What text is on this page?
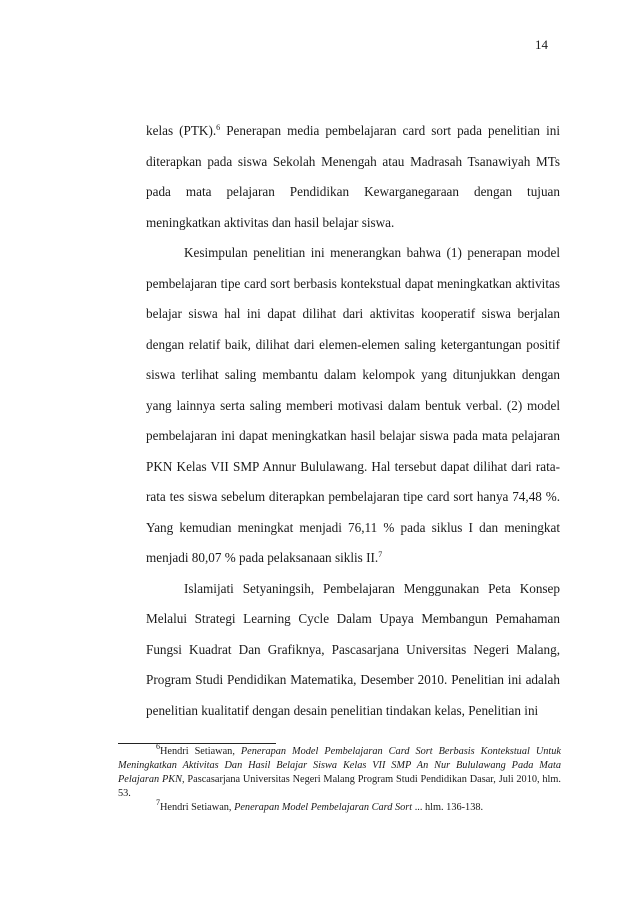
14

kelas (PTK).$^6$ Penerapan media pembelajaran card sort pada penelitian ini diterapkan pada siswa Sekolah Menengah atau Madrasah Tsanawiyah MTs pada mata pelajaran Pendidikan Kewarganegaraan dengan tujuan meningkatkan aktivitas dan hasil belajar siswa.

Kesimpulan penelitian ini menerangkan bahwa (1) penerapan model pembelajaran tipe card sort berbasis kontekstual dapat meningkatkan aktivitas belajar siswa hal ini dapat dilihat dari aktivitas kooperatif siswa berjalan dengan relatif baik, dilihat dari elemen-elemen saling ketergantungan positif siswa terlihat saling membantu dalam kelompok yang ditunjukkan dengan yang lainnya serta saling memberi motivasi dalam bentuk verbal. (2) model pembelajaran ini dapat meningkatkan hasil belajar siswa pada mata pelajaran PKN Kelas VII SMP Annur Bululawang. Hal tersebut dapat dilihat dari rata-rata tes siswa sebelum diterapkan pembelajaran tipe card sort hanya 74,48 %. Yang kemudian meningkat menjadi 76,11 % pada siklus I dan meningkat menjadi 80,07 % pada pelaksanaan siklis II.$^7$

Islamijati Setyaningsih, Pembelajaran Menggunakan Peta Konsep Melalui Strategi Learning Cycle Dalam Upaya Membangun Pemahaman Fungsi Kuadrat Dan Grafiknya, Pascasarjana Universitas Negeri Malang, Program Studi Pendidikan Matematika, Desember 2010. Penelitian ini adalah penelitian kualitatif dengan desain penelitian tindakan kelas, Penelitian ini

$^6$Hendri Setiawan, Penerapan Model Pembelajaran Card Sort Berbasis Kontekstual Untuk Meningkatkan Aktivitas Dan Hasil Belajar Siswa Kelas VII SMP An Nur Bululawang Pada Mata Pelajaran PKN, Pascasarjana Universitas Negeri Malang Program Studi Pendidikan Dasar, Juli 2010, hlm. 53.

$^7$Hendri Setiawan, Penerapan Model Pembelajaran Card Sort ... hlm. 136-138.
